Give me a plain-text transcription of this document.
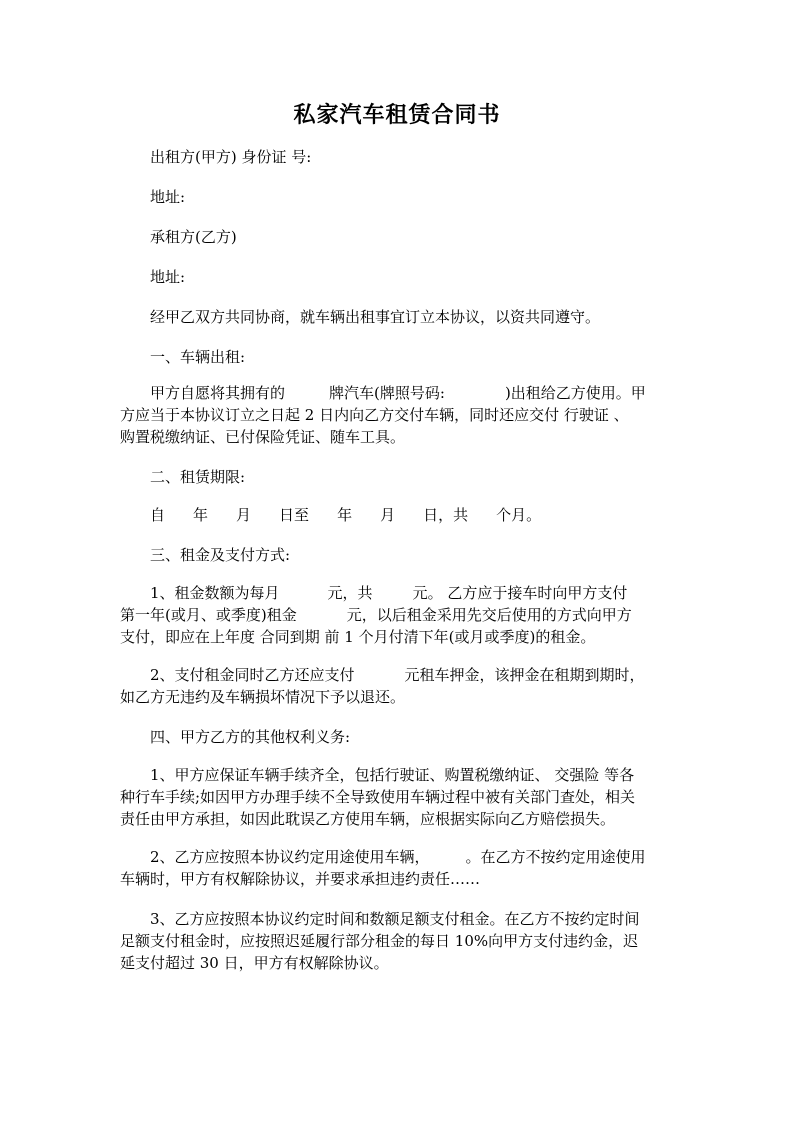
私家汽车租赁合同书
出租方(甲方) 身份证 号:
地址:
承租方(乙方)
地址:
经甲乙双方共同协商，就车辆出租事宜订立本协议，以资共同遵守。
一、车辆出租:
甲方自愿将其拥有的	牌汽车(牌照号码:	)出租给乙方使用。甲
方应当于本协议订立之日起 2 日内向乙方交付车辆，同时还应交付 行驶证 、
购置税缴纳证、已付保险凭证、随车工具。
二、租赁期限:
自 年 月 日至 年 月 日，共 个月。
三、租金及支付方式:
1、租金数额为每月	元，共	元。 乙方应于接车时向甲方支付
第一年(或月、或季度)租金	元，以后租金采用先交后使用的方式向甲方
支付，即应在上年度 合同到期 前 1 个月付清下年(或月或季度)的租金。
2、支付租金同时乙方还应支付	元租车押金，该押金在租期到期时，
如乙方无违约及车辆损坏情况下予以退还。
四、甲方乙方的其他权利义务:
1、甲方应保证车辆手续齐全，包括行驶证、购置税缴纳证、 交强险 等各
种行车手续;如因甲方办理手续不全导致使用车辆过程中被有关部门查处，相关
责任由甲方承担，如因此耽误乙方使用车辆，应根据实际向乙方赔偿损失。
2、乙方应按照本协议约定用途使用车辆， 。在乙方不按约定用途使用
车辆时，甲方有权解除协议，并要求承担违约责任……
3、乙方应按照本协议约定时间和数额足额支付租金。在乙方不按约定时间
足额支付租金时，应按照迟延履行部分租金的每日 10%向甲方支付违约金，迟
延支付超过 30 日，甲方有权解除协议。
